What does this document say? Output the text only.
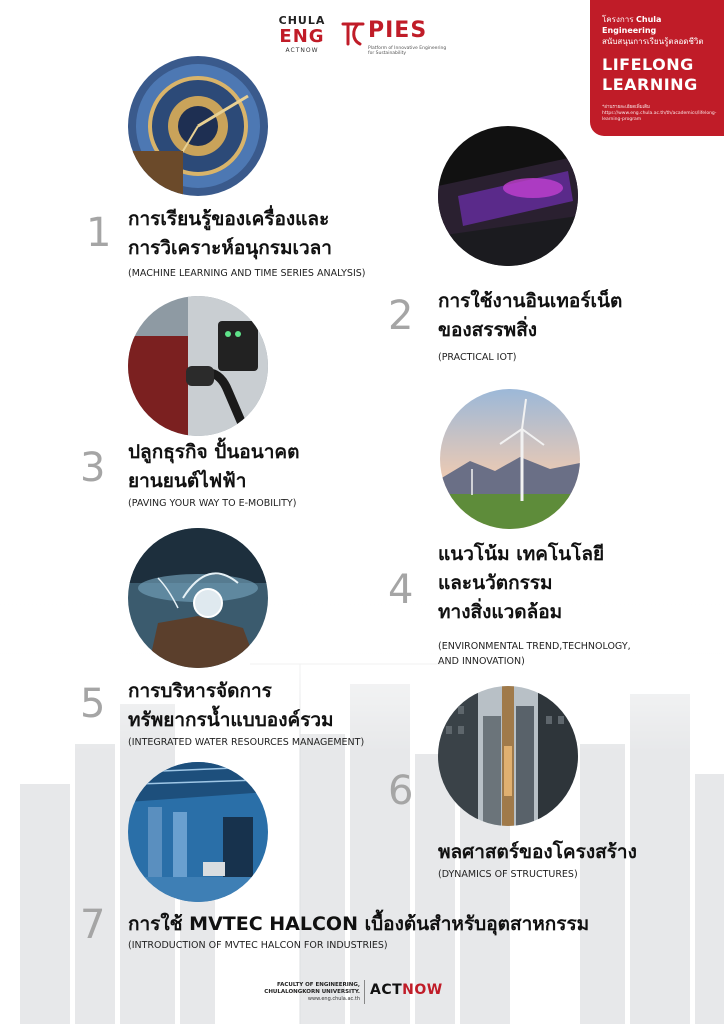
CHULA
ENG
ACTNOW
PIES
Platform of Innovative Engineering for Sustainability
โครงการ Chula Engineering
สนับสนุนการเรียนรู้ตลอดชีวิต
LIFELONG
LEARNING
*อ่านรายละเอียดเพิ่มเติม https://www.eng.chula.ac.th/th/academics/lifelong-learning-program
1 การเรียนรู้ของเครื่องและ
การวิเคราะห์อนุกรมเวลา
(MACHINE LEARNING AND TIME SERIES ANALYSIS)
2 การใช้งานอินเทอร์เน็ต
ของสรรพสิ่ง
(PRACTICAL IOT)
3 ปลูกธุรกิจ ปั้นอนาคต
ยานยนต์ไฟฟ้า
(PAVING YOUR WAY TO E-MOBILITY)
4
แนวโน้ม เทคโนโลยี
และนวัตกรรม
ทางสิ่งแวดล้อม
(ENVIRONMENTAL TREND,TECHNOLOGY,
AND INNOVATION)
5 การบริหารจัดการ
ทรัพยากรน้ำแบบองค์รวม
(INTEGRATED WATER RESOURCES MANAGEMENT)
6
พลศาสตร์ของโครงสร้าง
(DYNAMICS OF STRUCTURES)
7 การใช้ MVTEC HALCON เบื้องต้นสำหรับอุตสาหกรรม
(INTRODUCTION OF MVTEC HALCON FOR INDUSTRIES)
FACULTY OF ENGINEERING,
CHULALONGKORN UNIVERSITY.
www.eng.chula.ac.th
ACTNOW
